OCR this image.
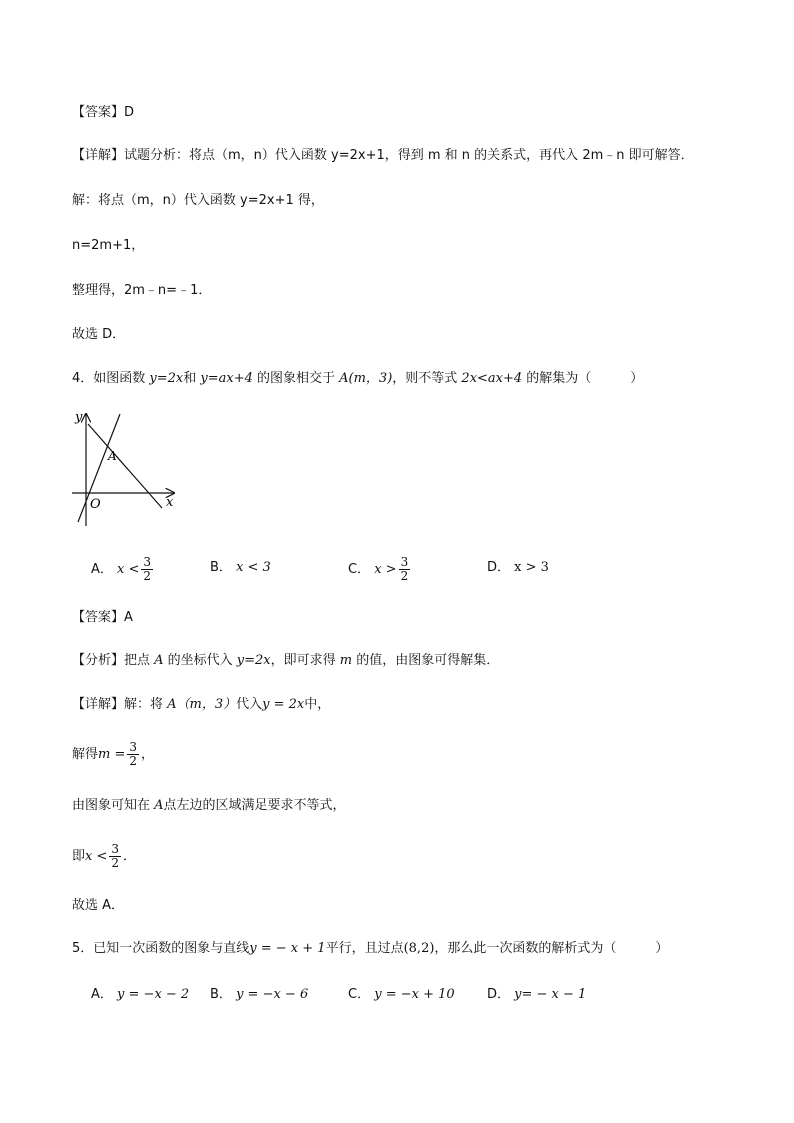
【答案】D
【详解】试题分析：将点（m，n）代入函数 y=2x+1，得到 m 和 n 的关系式，再代入 2m﹣n 即可解答．
解：将点（m，n）代入函数 y=2x+1 得，
n=2m+1，
整理得，2m﹣n=﹣1．
故选 D．
4．如图函数 y=2x和 y=ax+4 的图象相交于 A(m，3)，则不等式 2x<ax+4 的解集为（　　　）
y
x
O
A
A． $x < \frac{3}{2}$	B． x < 3	C． $x > \frac{3}{2}$	D． x > 3
【答案】A
【分析】把点 A 的坐标代入 y=2x，即可求得 m 的值，由图象可得解集．
【详解】解：将 A（m，3）代入y = 2x中，
解得$m = \frac{3}{2}$ ，
由图象可知在 A点左边的区域满足要求不等式，
即$x < \frac{3}{2}$ ．
故选 A．
5．已知一次函数的图象与直线y = − x + 1平行，且过点(8,2)，那么此一次函数的解析式为（　　　）
A． y = −x − 2 B． y = −x − 6	C． y = −x + 10 D． y= − x − 1
